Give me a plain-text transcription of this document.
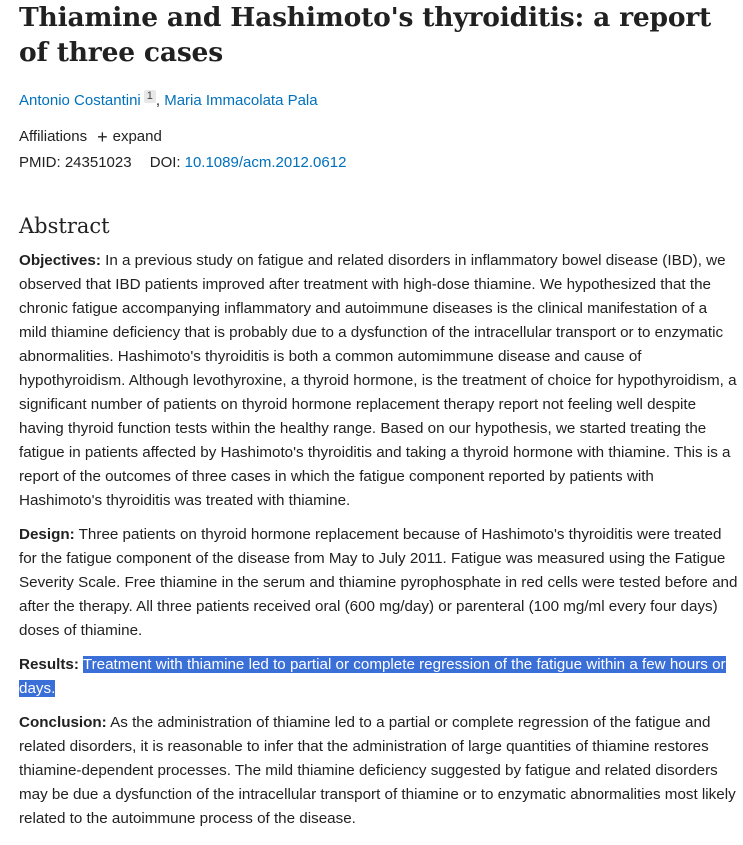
Thiamine and Hashimoto's thyroiditis: a report of three cases
Antonio Costantini 1 , Maria Immacolata Pala
Affiliations + expand
PMID: 24351023 DOI: 10.1089/acm.2012.0612
Abstract

Objectives: In a previous study on fatigue and related disorders in inflammatory bowel disease (IBD), we observed that IBD patients improved after treatment with high-dose thiamine. We hypothesized that the chronic fatigue accompanying inflammatory and autoimmune diseases is the clinical manifestation of a mild thiamine deficiency that is probably due to a dysfunction of the intracellular transport or to enzymatic abnormalities. Hashimoto's thyroiditis is both a common automimmune disease and cause of hypothyroidism. Although levothyroxine, a thyroid hormone, is the treatment of choice for hypothyroidism, a significant number of patients on thyroid hormone replacement therapy report not feeling well despite having thyroid function tests within the healthy range. Based on our hypothesis, we started treating the fatigue in patients affected by Hashimoto's thyroiditis and taking a thyroid hormone with thiamine. This is a report of the outcomes of three cases in which the fatigue component reported by patients with Hashimoto's thyroiditis was treated with thiamine.

Design: Three patients on thyroid hormone replacement because of Hashimoto's thyroiditis were treated for the fatigue component of the disease from May to July 2011. Fatigue was measured using the Fatigue Severity Scale. Free thiamine in the serum and thiamine pyrophosphate in red cells were tested before and after the therapy. All three patients received oral (600 mg/day) or parenteral (100 mg/ml every four days) doses of thiamine.

Results: Treatment with thiamine led to partial or complete regression of the fatigue within a few hours or days.

Conclusion: As the administration of thiamine led to a partial or complete regression of the fatigue and related disorders, it is reasonable to infer that the administration of large quantities of thiamine restores thiamine-dependent processes. The mild thiamine deficiency suggested by fatigue and related disorders may be due a dysfunction of the intracellular transport of thiamine or to enzymatic abnormalities most likely related to the autoimmune process of the disease.
